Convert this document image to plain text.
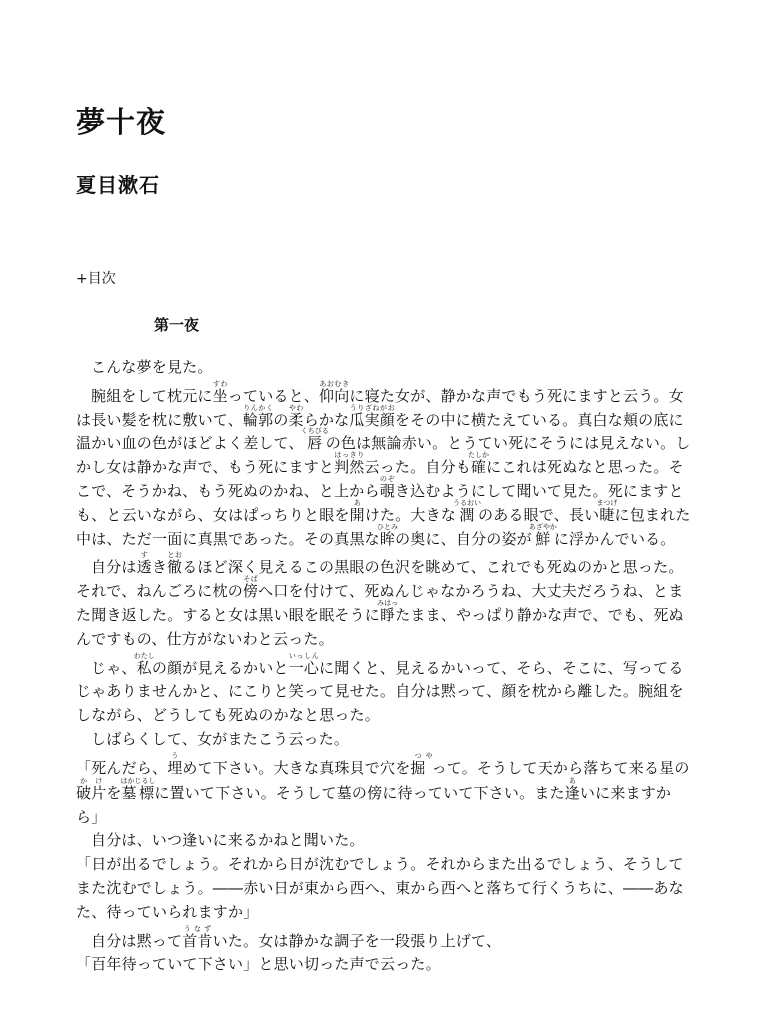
夢十夜
夏目漱石
+目次
第一夜

こんな夢を見た。

腕組をして枕元に坐すわっていると、仰向あおむきに寝た女が、静かな声でもう死にますと云う。女は長い髪を枕に敷いて、輪郭りんかくの柔やわらかな瓜実顔うりざねがおをその中に横たえている。真白な頬の底に温かい血の色がほどよく差して、唇くちびるの色は無論赤い。とうてい死にそうには見えない。しかし女は静かな声で、もう死にますと判然はっきり云った。自分も確たしかにこれは死ぬなと思った。そこで、そうかね、もう死ぬのかね、と上から覗のぞき込むようにして聞いて見た。死にますとも、と云いながら、女はぱっちりと眼を開あけた。大きな潤うるおいのある眼で、長い睫まつげに包まれた中は、ただ一面に真黒であった。その真黒な眸ひとみの奥に、自分の姿が鮮あざやかに浮かんでいる。

自分は透すき徹とおるほど深く見えるこの黒眼の色沢を眺めて、これでも死ぬのかと思った。それで、ねんごろに枕の傍そばへ口を付けて、死ぬんじゃなかろうね、大丈夫だろうね、とまた聞き返した。すると女は黒い眼を眠そうに睜みはったまま、やっぱり静かな声で、でも、死ぬんですもの、仕方がないわと云った。

じゃ、私わたしの顔が見えるかいと一心いっしんに聞くと、見えるかいって、そら、そこに、写ってるじゃありませんかと、にこりと笑って見せた。自分は黙って、顔を枕から離した。腕組をしながら、どうしても死ぬのかなと思った。

しばらくして、女がまたこう云った。

「死んだら、埋うめて下さい。大きな真珠貝で穴を掘つ やって。そうして天から落ちて来る星の破か片けを墓標はかじるしに置いて下さい。そうして墓の傍に待っていて下さい。また逢あいに来ますから」

自分は、いつ逢いに来るかねと聞いた。

「日が出るでしょう。それから日が沈むでしょう。それからまた出るでしょう、そうしてまた沈むでしょう。――赤い日が東から西へ、東から西へと落ちて行くうちに、――あなた、待っていられますか」

自分は黙って首肯うなずいた。女は静かな調子を一段張り上げて、

「百年待っていて下さい」と思い切った声で云った。
